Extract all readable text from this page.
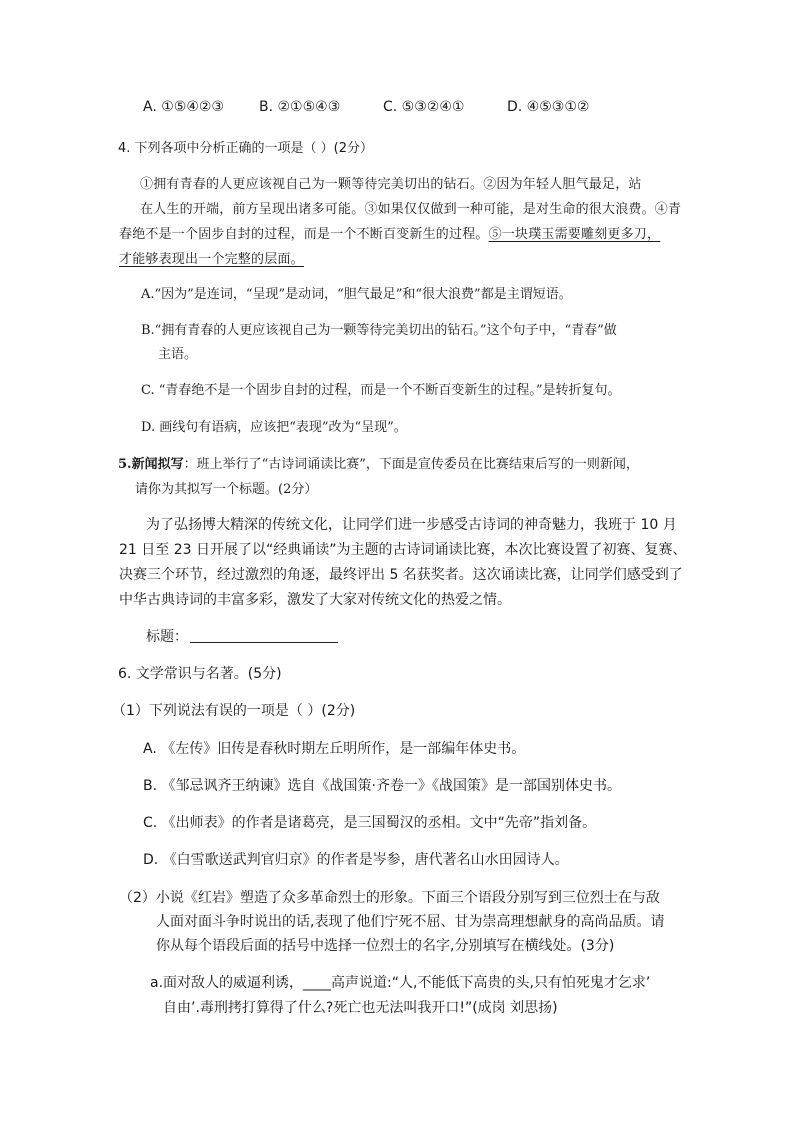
A. ①⑤④②③	B. ②①⑤④③	C. ⑤③②④①	D. ④⑤③①②
4. 下列各项中分析正确的一项是（ ）(2分）
①拥有青春的人更应该视自己为一颗等待完美切出的钻石。②因为年轻人胆气最足，站
在人生的开端，前方呈现出诸多可能。③如果仅仅做到一种可能，是对生命的很大浪费。④青
春绝不是一个固步自封的过程，而是一个不断百变新生的过程。⑤一块璞玉需要雕刻更多刀，
才能够表现出一个完整的层面。
A.“因为”是连词，“呈现”是动词，“胆气最足”和“很大浪费”都是主谓短语。
B.“拥有青春的人更应该视自己为一颗等待完美切出的钻石。”这个句子中，“青春”做
主语。
C. “青春绝不是一个固步自封的过程，而是一个不断百变新生的过程。”是转折复句。
D. 画线句有语病，应该把“表现”改为“呈现”。
5.新闻拟写：班上举行了“古诗词诵读比赛”，下面是宣传委员在比赛结束后写的一则新闻，
请你为其拟写一个标题。(2分）
为了弘扬博大精深的传统文化，让同学们进一步感受古诗词的神奇魅力，我班于 10 月
21 日至 23 日开展了以“经典诵读”为主题的古诗词诵读比赛，本次比赛设置了初赛、复赛、
决赛三个环节，经过激烈的角逐，最终评出 5 名获奖者。这次诵读比赛，让同学们感受到了
中华古典诗词的丰富多彩，激发了大家对传统文化的热爱之情。
标题：
6. 文学常识与名著。(5分)
（1）下列说法有误的一项是（ ）(2分)
A. 《左传》旧传是春秋时期左丘明所作，是一部编年体史书。
B. 《邹忌讽齐王纳谏》选自《战国策·齐卷一》《战国策》是一部国别体史书。
C. 《出师表》的作者是诸葛亮，是三国蜀汉的丞相。文中“先帝”指刘备。
D. 《白雪歌送武判官归京》的作者是岑参，唐代著名山水田园诗人。
（2）小说《红岩》塑造了众多革命烈士的形象。下面三个语段分别写到三位烈士在与敌
人面对面斗争时说出的话,表现了他们宁死不屈、甘为崇高理想献身的高尚品质。请
你从每个语段后面的括号中选择一位烈士的名字,分别填写在横线处。(3分)
a.面对敌人的威逼利诱，____高声说道:“人,不能低下高贵的头,只有怕死鬼才乞求’
自由’.毒刑拷打算得了什么?死亡也无法叫我开口!”(成岗 刘思扬)
